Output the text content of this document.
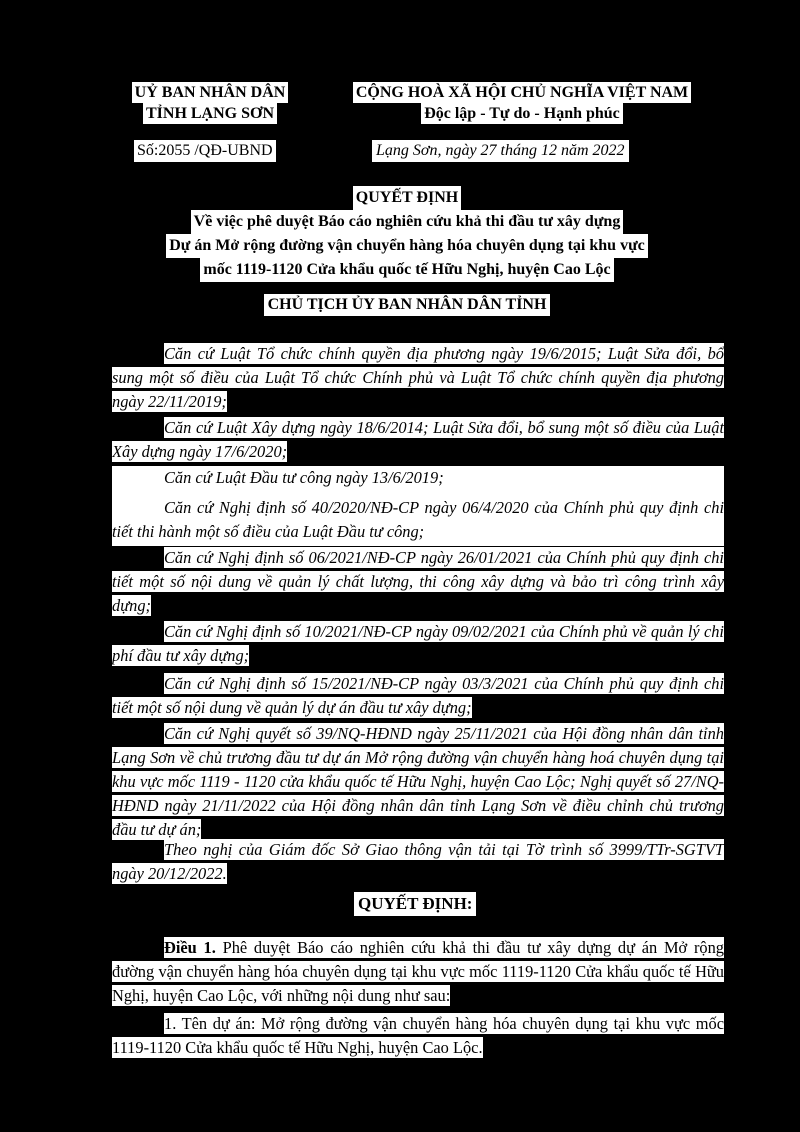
UỶ BAN NHÂN DÂN
TỈNH LẠNG SƠN
CỘNG HOÀ XÃ HỘI CHỦ NGHĨA VIỆT NAM
Độc lập - Tự do - Hạnh phúc
Số:2055 /QĐ-UBND	Lạng Sơn, ngày 27 tháng 12 năm 2022
QUYẾT ĐỊNH
Về việc phê duyệt Báo cáo nghiên cứu khả thi đầu tư xây dựng
Dự án Mở rộng đường vận chuyển hàng hóa chuyên dụng tại khu vực
mốc 1119-1120 Cửa khẩu quốc tế Hữu Nghị, huyện Cao Lộc
CHỦ TỊCH ỦY BAN NHÂN DÂN TỈNH
Căn cứ Luật Tổ chức chính quyền địa phương ngày 19/6/2015; Luật Sửa đổi, bổ sung một số điều của Luật Tổ chức Chính phủ và Luật Tổ chức chính quyền địa phương ngày 22/11/2019;
Căn cứ Luật Xây dựng ngày 18/6/2014; Luật Sửa đổi, bổ sung một số điều của Luật Xây dựng ngày 17/6/2020;
Căn cứ Luật Đầu tư công ngày 13/6/2019;
Căn cứ Nghị định số 40/2020/NĐ-CP ngày 06/4/2020 của Chính phủ quy định chi tiết thi hành một số điều của Luật Đầu tư công;
Căn cứ Nghị định số 06/2021/NĐ-CP ngày 26/01/2021 của Chính phủ quy định chi tiết một số nội dung về quản lý chất lượng, thi công xây dựng và bảo trì công trình xây dựng;
Căn cứ Nghị định số 10/2021/NĐ-CP ngày 09/02/2021 của Chính phủ về quản lý chi phí đầu tư xây dựng;
Căn cứ Nghị định số 15/2021/NĐ-CP ngày 03/3/2021 của Chính phủ quy định chi tiết một số nội dung về quản lý dự án đầu tư xây dựng;
Căn cứ Nghị quyết số 39/NQ-HĐND ngày 25/11/2021 của Hội đồng nhân dân tỉnh Lạng Sơn về chủ trương đầu tư dự án Mở rộng đường vận chuyển hàng hoá chuyên dụng tại khu vực mốc 1119 - 1120 cửa khẩu quốc tế Hữu Nghị, huyện Cao Lộc; Nghị quyết số 27/NQ-HĐND ngày 21/11/2022 của Hội đồng nhân dân tỉnh Lạng Sơn về điều chỉnh chủ trương đầu tư dự án;
Theo nghị của Giám đốc Sở Giao thông vận tải tại Tờ trình số 3999/TTr-SGTVT ngày 20/12/2022.
QUYẾT ĐỊNH:
Điều 1. Phê duyệt Báo cáo nghiên cứu khả thi đầu tư xây dựng dự án Mở rộng đường vận chuyển hàng hóa chuyên dụng tại khu vực mốc 1119-1120 Cửa khẩu quốc tế Hữu Nghị, huyện Cao Lộc, với những nội dung như sau:
1. Tên dự án: Mở rộng đường vận chuyển hàng hóa chuyên dụng tại khu vực mốc 1119-1120 Cửa khẩu quốc tế Hữu Nghị, huyện Cao Lộc.
